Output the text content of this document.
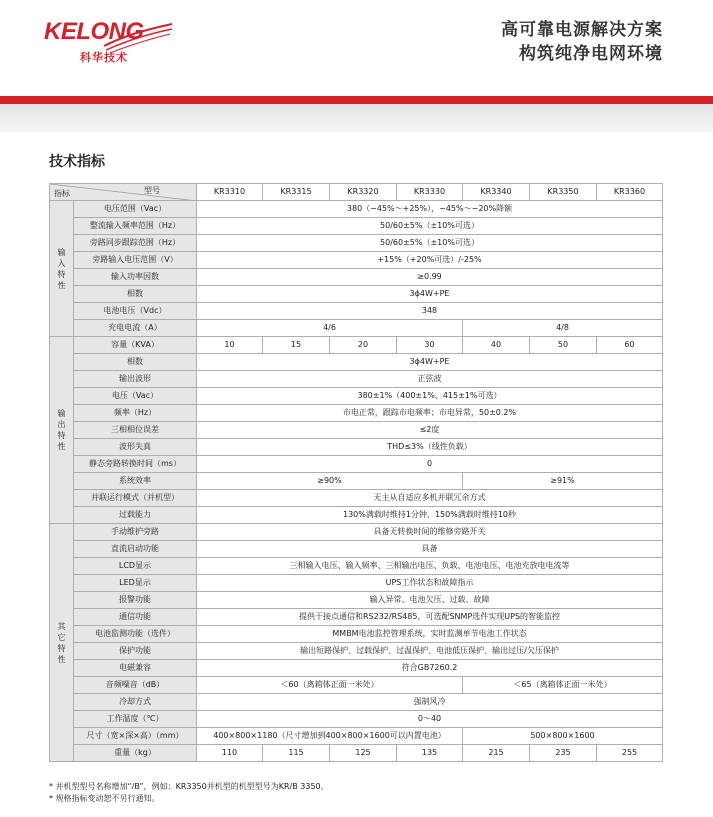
KELONG
科华技术
高可靠电源解决方案
构筑纯净电网环境
技术指标
型号
指标		KR3310	KR3315	KR3320	KR3330	KR3340	KR3350	KR3360
输
入
特
性	电压范围（Vac）	380（−45%～+25%），−45%～−20%降额						
	整流输入频率范围（Hz）	50/60±5%（±10%可选）						
	旁路同步跟踪范围（Hz）	50/60±5%（±10%可选）						
	旁路输入电压范围（V）	+15%（+20%可选）/-25%						
	输入功率因数	≥0.99						
	相数	3ϕ4W+PE						
	电池电压（Vdc）	348						
	充电电流（A）	4/6				4/8		
输
出
特
性	容量（KVA）	10	15	20	30	40	50	60
	相数	3ϕ4W+PE						
	输出波形	正弦波						
	电压（Vac）	380±1%（400±1%、415±1%可选）						
	频率（Hz）	市电正常，跟踪市电频率；市电异常，50±0.2%						
	三相相位误差	≤2度						
	波形失真	THD≤3%（线性负载）						
	静态旁路转换时间（ms）	0						
	系统效率	≥90%				≥91%		
	并联运行模式（并机型）	无主从自适应多机并联冗余方式						
	过载能力	130%满载时维持1分钟，150%满载时维持10秒						
其
它
特
性	手动维护旁路	具备无转换时间的维修旁路开关						
	直流启动功能	具备						
	LCD显示	三相输入电压、输入频率、三相输出电压、负载、电池电压、电池充放电电流等						
	LED显示	UPS工作状态和故障指示						
	报警功能	输入异常、电池欠压、过载、故障						
	通信功能	提供干接点通信和RS232/RS485，可选配SNMP选件实现UPS的智能监控						
	电池监测功能（选件）	MMBM电池监控管理系统，实时监测单节电池工作状态						
	保护功能	输出短路保护、过载保护、过温保护、电池低压保护、输出过压/欠压保护						
	电磁兼容	符合GB7260.2						
	音频噪音（dB）	＜60（离箱体正面一米处）				＜65（离箱体正面一米处）		
	冷却方式	强制风冷						
	工作温度（℃）	0～40						
	尺寸（宽×深×高）（mm）	400×800×1180（尺寸增加到400×800×1600可以内置电池）				500×800×1600		
	重量（kg）	110	115	125	135	215	235	255
* 并机型型号名称增加“/B”，例如：KR3350并机型的机型型号为KR/B 3350。
* 规格指标变动恕不另行通知。
